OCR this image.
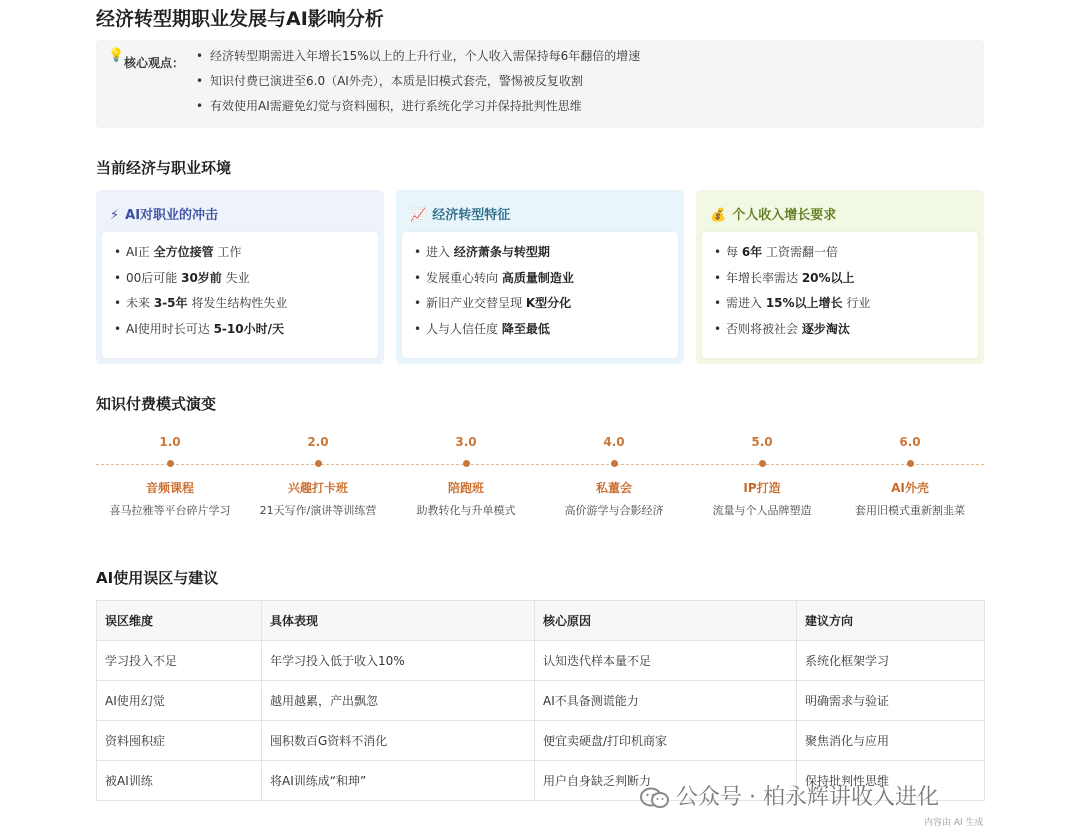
经济转型期职业发展与AI影响分析
💡 核心观点：	• 经济转型期需进入年增长15%以上的上升行业，个人收入需保持每6年翻倍的增速
• 知识付费已演进至6.0（AI外壳），本质是旧模式套壳，警惕被反复收割
• 有效使用AI需避免幻觉与资料囤积，进行系统化学习并保持批判性思维
当前经济与职业环境
⚡ AI对职业的冲击
• AI正 全方位接管 工作
• 00后可能 30岁前 失业
• 未来 3-5年 将发生结构性失业
• AI使用时长可达 5-10小时/天
📈 经济转型特征
• 进入 经济萧条与转型期
• 发展重心转向 高质量制造业
• 新旧产业交替呈现 K型分化
• 人与人信任度 降至最低
💰 个人收入增长要求
• 每 6年 工资需翻一倍
• 年增长率需达 20%以上
• 需进入 15%以上增长 行业
• 否则将被社会 逐步淘汰
知识付费模式演变
1.0
音频课程
喜马拉雅等平台碎片学习
2.0
兴趣打卡班
21天写作/演讲等训练营
3.0
陪跑班
助教转化与升单模式
4.0
私董会
高价游学与合影经济
5.0
IP打造
流量与个人品牌塑造
6.0
AI外壳
套用旧模式重新割韭菜
AI使用误区与建议
误区维度	具体表现	核心原因	建议方向
学习投入不足	年学习投入低于收入10%	认知迭代样本量不足	系统化框架学习
AI使用幻觉	越用越累，产出飘忽	AI不具备测谎能力	明确需求与验证
资料囤积症	囤积数百G资料不消化	便宜卖硬盘/打印机商家	聚焦消化与应用
被AI训练	将AI训练成“和珅”	用户自身缺乏判断力	保持批判性思维
公众号 · 柏永辉讲收入进化
内容由 AI 生成
